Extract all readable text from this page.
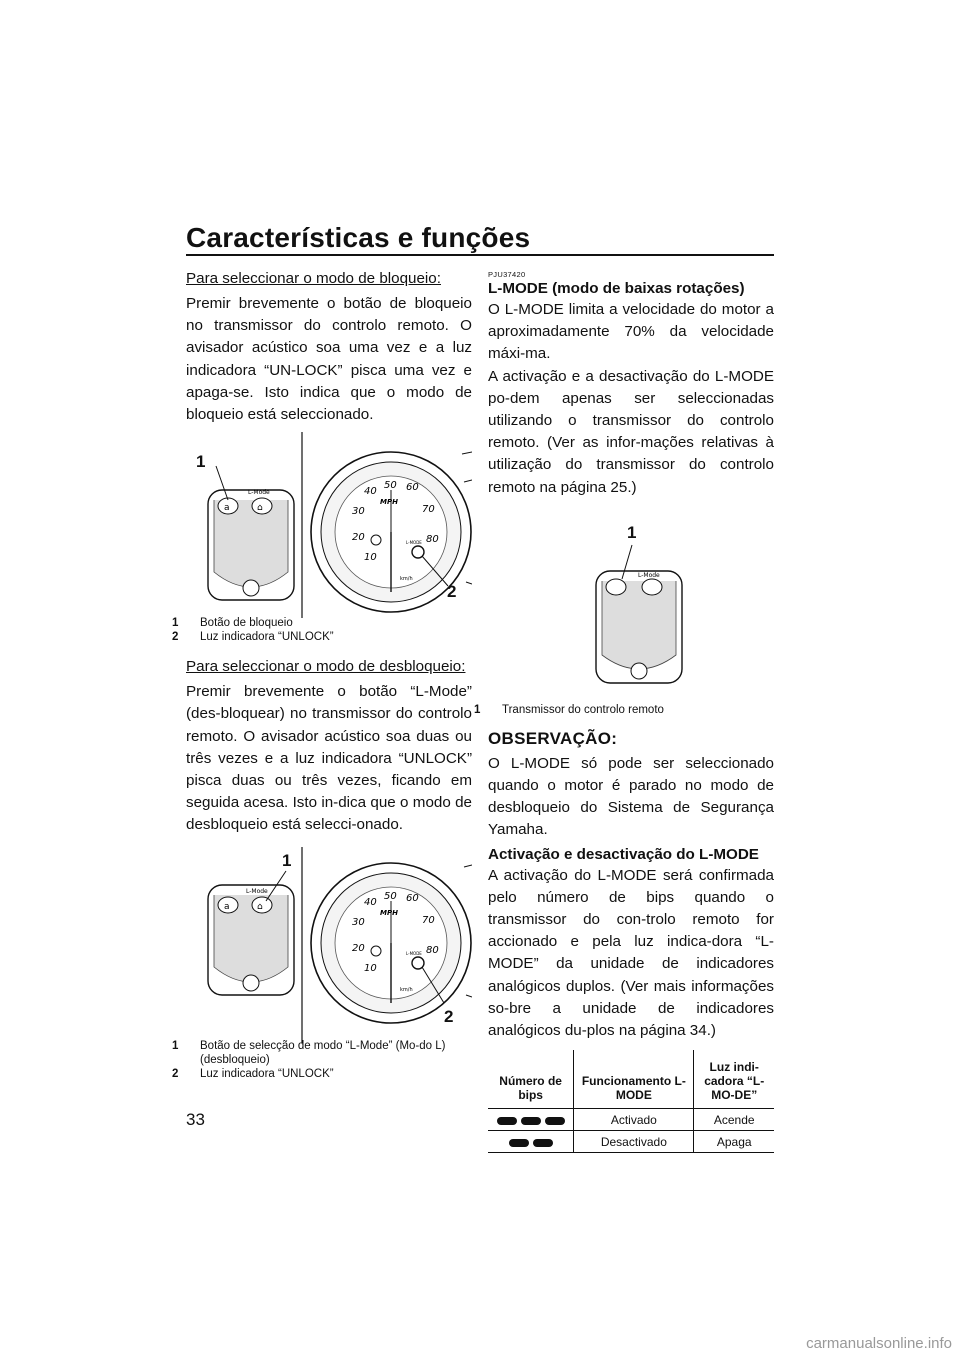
Características e funções

Para seleccionar o modo de bloqueio:

Premir brevemente o botão de bloqueio no transmissor do controlo remoto. O avisador acústico soa uma vez e a luz indicadora “UN-LOCK” pisca uma vez e apaga-se. Isto indica que o modo de bloqueio está seleccionado.

a	⌂
L-Mode	40
50 60
30	70
20	80
10
MPH
L-MODE
km/h
1
2
1 Botão de bloqueio
2 Luz indicadora “UNLOCK”

Para seleccionar o modo de desbloqueio:

Premir brevemente o botão “L-Mode” (des-bloquear) no transmissor do controlo remoto. O avisador acústico soa duas ou três vezes e a luz indicadora “UNLOCK” pisca duas ou três vezes, ficando em seguida acesa. Isto in-dica que o modo de desbloqueio está selecci-onado.

a	⌂
L-Mode
40
50 60
30	70
20	80
10
MPH
L-MODE
km/h
1
2
1 Botão de selecção de modo “L-Mode” (Mo-do L) (desbloqueio)
2 Luz indicadora “UNLOCK”

PJU37420

L-MODE (modo de baixas rotações)

O L-MODE limita a velocidade do motor a aproximadamente 70% da velocidade máxi-ma.

A activação e a desactivação do L-MODE po-dem apenas ser seleccionadas utilizando o transmissor do controlo remoto. (Ver as infor-mações relativas à utilização do transmissor do controlo remoto na página 25.)

L-Mode
1
1 Transmissor do controlo remoto

OBSERVAÇÃO:

O L-MODE só pode ser seleccionado quando o motor é parado no modo de desbloqueio do Sistema de Segurança Yamaha.

Activação e desactivação do L-MODE

A activação do L-MODE será confirmada pelo número de bips quando o transmissor do con-trolo remoto for accionado e pela luz indica-dora “L-MODE” da unidade de indicadores analógicos duplos. (Ver mais informações so-bre a unidade de indicadores analógicos du-plos na página 34.)

Número de bips	Funcionamento L-MODE	Luz indi-cadora “L-MO-DE”
	Activado	Acende
	Desactivado	Apaga
33
carmanualsonline.info
